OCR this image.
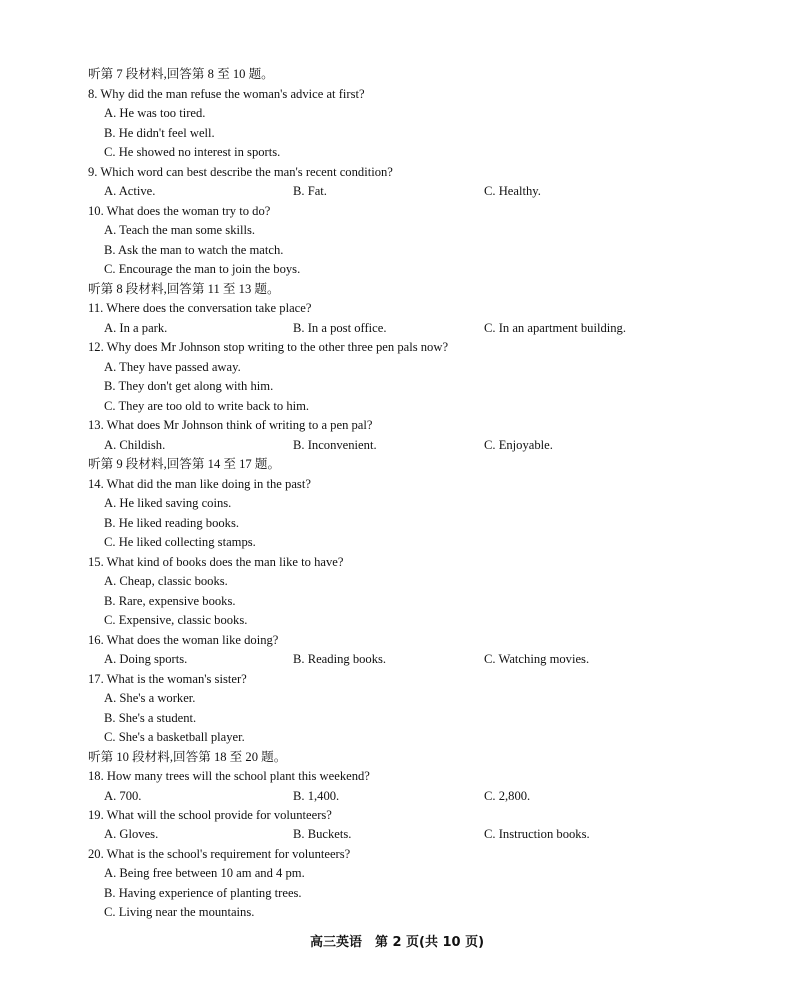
听第 7 段材料,回答第 8 至 10 题。
8. Why did the man refuse the woman's advice at first?
A. He was too tired.
B. He didn't feel well.
C. He showed no interest in sports.
9. Which word can best describe the man's recent condition?
A. Active.	B. Fat.	C. Healthy.
10. What does the woman try to do?
A. Teach the man some skills.
B. Ask the man to watch the match.
C. Encourage the man to join the boys.
听第 8 段材料,回答第 11 至 13 题。
11. Where does the conversation take place?
A. In a park.	B. In a post office.	C. In an apartment building.
12. Why does Mr Johnson stop writing to the other three pen pals now?
A. They have passed away.
B. They don't get along with him.
C. They are too old to write back to him.
13. What does Mr Johnson think of writing to a pen pal?
A. Childish.	B. Inconvenient.	C. Enjoyable.
听第 9 段材料,回答第 14 至 17 题。
14. What did the man like doing in the past?
A. He liked saving coins.
B. He liked reading books.
C. He liked collecting stamps.
15. What kind of books does the man like to have?
A. Cheap, classic books.
B. Rare, expensive books.
C. Expensive, classic books.
16. What does the woman like doing?
A. Doing sports.	B. Reading books.	C. Watching movies.
17. What is the woman's sister?
A. She's a worker.
B. She's a student.
C. She's a basketball player.
听第 10 段材料,回答第 18 至 20 题。
18. How many trees will the school plant this weekend?
A. 700.	B. 1,400.	C. 2,800.
19. What will the school provide for volunteers?
A. Gloves.	B. Buckets.	C. Instruction books.
20. What is the school's requirement for volunteers?
A. Being free between 10 am and 4 pm.
B. Having experience of planting trees.
C. Living near the mountains.
高三英语　第 2 页(共 10 页)
